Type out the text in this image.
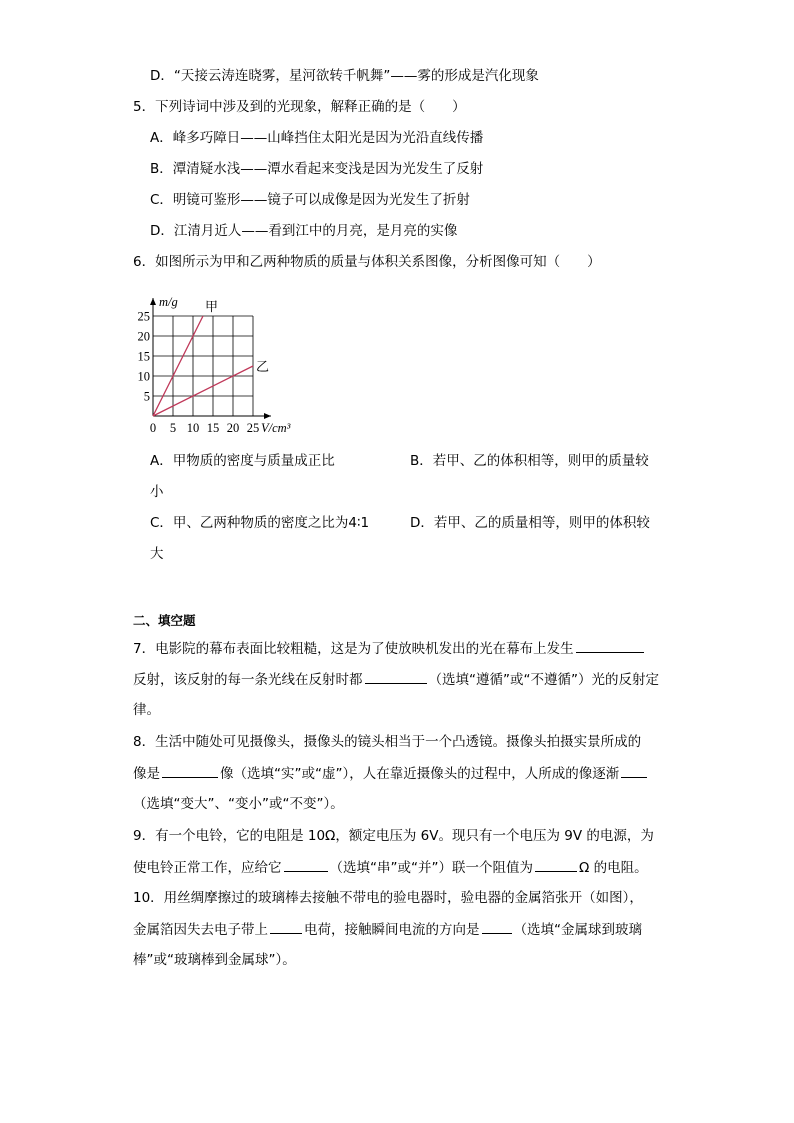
D．“天接云涛连晓雾，星河欲转千帆舞”——雾的形成是汽化现象
5．下列诗词中涉及到的光现象，解释正确的是（　　）
A．峰多巧障日——山峰挡住太阳光是因为光沿直线传播
B．潭清疑水浅——潭水看起来变浅是因为光发生了反射
C．明镜可鉴形——镜子可以成像是因为光发生了折射
D．江清月近人——看到江中的月亮，是月亮的实像
6．如图所示为甲和乙两种物质的质量与体积关系图像，分析图像可知（　　）
甲
乙
0 5 10 15 20 25
5
10
15
20
25
V/cm³
m/g
A．甲物质的密度与质量成正比	B．若甲、乙的体积相等，则甲的质量较
小
C．甲、乙两种物质的密度之比为4∶1	D．若甲、乙的质量相等，则甲的体积较
大
二、填空题
7．电影院的幕布表面比较粗糙，这是为了使放映机发出的光在幕布上发生
反射，该反射的每一条光线在反射时都	（选填“遵循”或“不遵循”）光的反射定
律。
8．生活中随处可见摄像头，摄像头的镜头相当于一个凸透镜。摄像头拍摄实景所成的
像是	像（选填“实”或“虚”），人在靠近摄像头的过程中，人所成的像逐渐
（选填“变大”、“变小”或“不变”）。
9．有一个电铃，它的电阻是 10Ω，额定电压为 6V。现只有一个电压为 9V 的电源，为
使电铃正常工作，应给它	（选填“串”或“并”）联一个阻值为	Ω 的电阻。
10．用丝绸摩擦过的玻璃棒去接触不带电的验电器时，验电器的金属箔张开（如图），
金属箔因失去电子带上	电荷，接触瞬间电流的方向是	（选填“金属球到玻璃
棒”或“玻璃棒到金属球”）。
